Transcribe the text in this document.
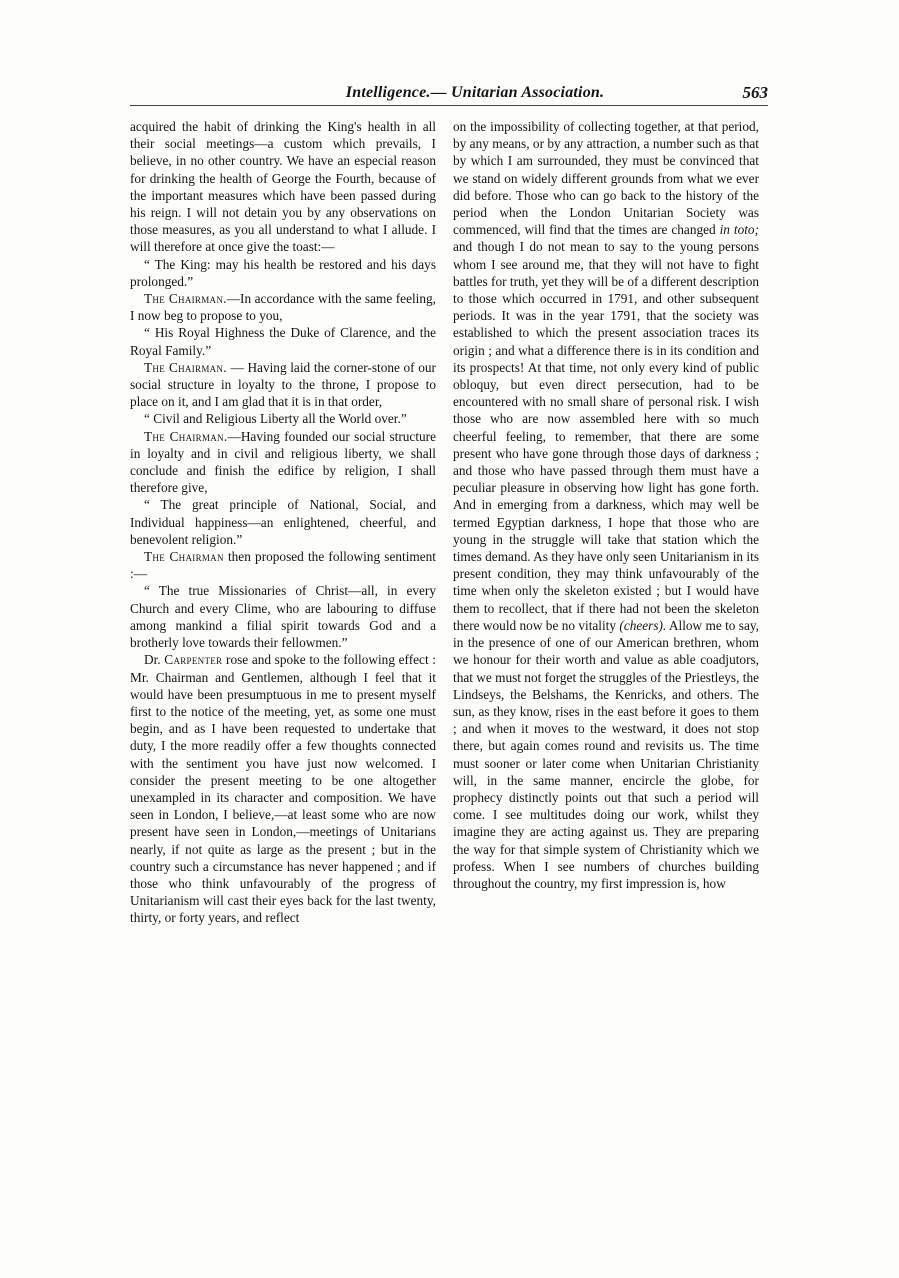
Intelligence.— Unitarian Association.	563

acquired the habit of drinking the King's health in all their social meetings—a custom which prevails, I believe, in no other country. We have an especial reason for drinking the health of George the Fourth, because of the important measures which have been passed during his reign. I will not detain you by any observations on those measures, as you all understand to what I allude. I will therefore at once give the toast:—

“ The King: may his health be restored and his days prolonged.”

The Chairman.—In accordance with the same feeling, I now beg to propose to you,

“ His Royal Highness the Duke of Clarence, and the Royal Family.”

The Chairman. — Having laid the corner-stone of our social structure in loyalty to the throne, I propose to place on it, and I am glad that it is in that order,

“ Civil and Religious Liberty all the World over.”

The Chairman.—Having founded our social structure in loyalty and in civil and religious liberty, we shall conclude and finish the edifice by religion, I shall therefore give,

“ The great principle of National, Social, and Individual happiness—an enlightened, cheerful, and benevolent religion.”

The Chairman then proposed the following sentiment :—

“ The true Missionaries of Christ—all, in every Church and every Clime, who are labouring to diffuse among mankind a filial spirit towards God and a brotherly love towards their fellowmen.”

Dr. Carpenter rose and spoke to the following effect : Mr. Chairman and Gentlemen, although I feel that it would have been presumptuous in me to present myself first to the notice of the meeting, yet, as some one must begin, and as I have been requested to undertake that duty, I the more readily offer a few thoughts connected with the sentiment you have just now welcomed. I consider the present meeting to be one altogether unexampled in its character and composition. We have seen in London, I believe,—at least some who are now present have seen in London,—meetings of Unitarians nearly, if not quite as large as the present ; but in the country such a circumstance has never happened ; and if those who think unfavourably of the progress of Unitarianism will cast their eyes back for the last twenty, thirty, or forty years, and reflect

on the impossibility of collecting together, at that period, by any means, or by any attraction, a number such as that by which I am surrounded, they must be convinced that we stand on widely different grounds from what we ever did before. Those who can go back to the history of the period when the London Unitarian Society was commenced, will find that the times are changed in toto; and though I do not mean to say to the young persons whom I see around me, that they will not have to fight battles for truth, yet they will be of a different description to those which occurred in 1791, and other subsequent periods. It was in the year 1791, that the society was established to which the present association traces its origin ; and what a difference there is in its condition and its prospects! At that time, not only every kind of public obloquy, but even direct persecution, had to be encountered with no small share of personal risk. I wish those who are now assembled here with so much cheerful feeling, to remember, that there are some present who have gone through those days of darkness ; and those who have passed through them must have a peculiar pleasure in observing how light has gone forth. And in emerging from a darkness, which may well be termed Egyptian darkness, I hope that those who are young in the struggle will take that station which the times demand. As they have only seen Unitarianism in its present condition, they may think unfavourably of the time when only the skeleton existed ; but I would have them to recollect, that if there had not been the skeleton there would now be no vitality (cheers). Allow me to say, in the presence of one of our American brethren, whom we honour for their worth and value as able coadjutors, that we must not forget the struggles of the Priestleys, the Lindseys, the Belshams, the Kenricks, and others. The sun, as they know, rises in the east before it goes to them ; and when it moves to the westward, it does not stop there, but again comes round and revisits us. The time must sooner or later come when Unitarian Christianity will, in the same manner, encircle the globe, for prophecy distinctly points out that such a period will come. I see multitudes doing our work, whilst they imagine they are acting against us. They are preparing the way for that simple system of Christianity which we profess. When I see numbers of churches building throughout the country, my first impression is, how
